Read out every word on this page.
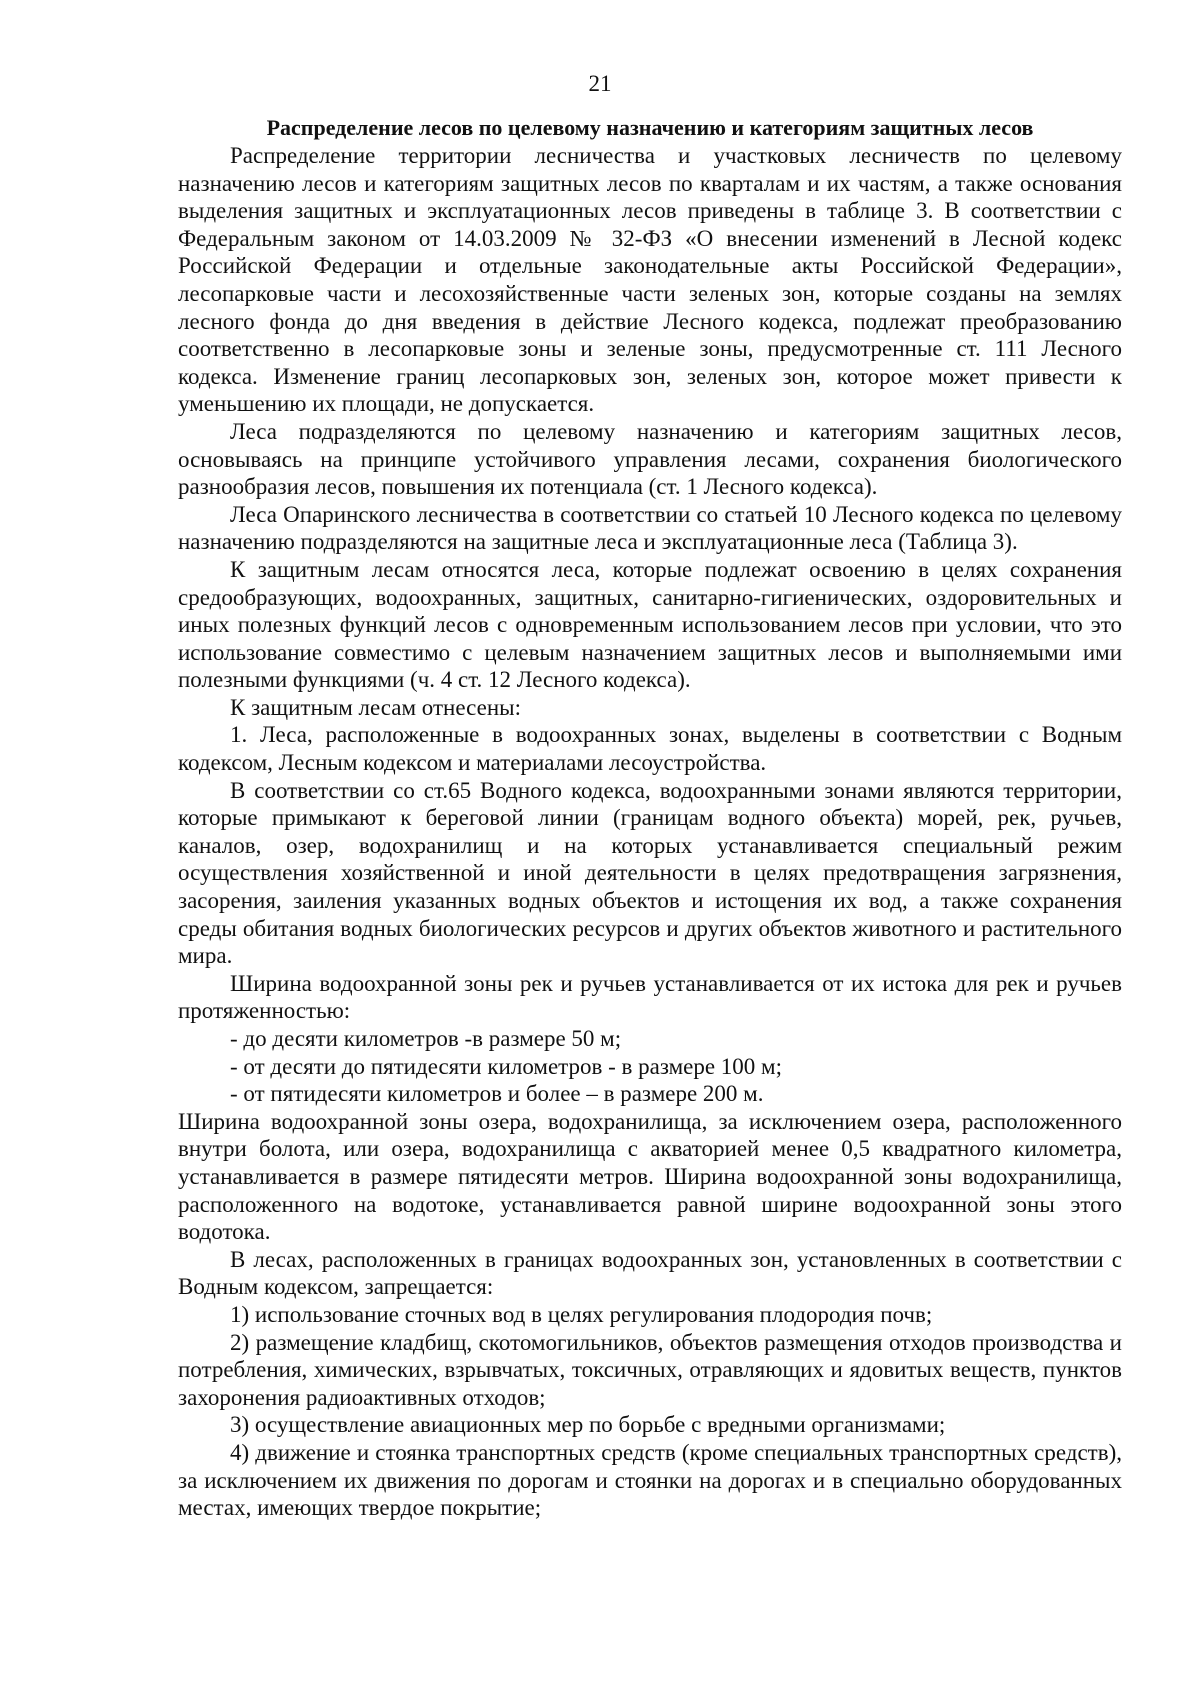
21

Распределение лесов по целевому назначению и категориям защитных лесов

Распределение территории лесничества и участковых лесничеств по целевому назначению лесов и категориям защитных лесов по кварталам и их частям, а также основания выделения защитных и эксплуатационных лесов приведены в таблице 3. В соответствии с Федеральным законом от 14.03.2009 № 32-ФЗ «О внесении изменений в Лесной кодекс Российской Федерации и отдельные законодательные акты Российской Федерации», лесопарковые части и лесохозяйственные части зеленых зон, которые созданы на землях лесного фонда до дня введения в действие Лесного кодекса, подлежат преобразованию соответственно в лесопарковые зоны и зеленые зоны, предусмотренные ст. 111 Лесного кодекса. Изменение границ лесопарковых зон, зеленых зон, которое может привести к уменьшению их площади, не допускается.

Леса подразделяются по целевому назначению и категориям защитных лесов, основываясь на принципе устойчивого управления лесами, сохранения биологического разнообразия лесов, повышения их потенциала (ст. 1 Лесного кодекса).

Леса Опаринского лесничества в соответствии со статьей 10 Лесного кодекса по целевому назначению подразделяются на защитные леса и эксплуатационные леса (Таблица 3).

К защитным лесам относятся леса, которые подлежат освоению в целях сохранения средообразующих, водоохранных, защитных, санитарно-гигиенических, оздоровительных и иных полезных функций лесов с одновременным использованием лесов при условии, что это использование совместимо с целевым назначением защитных лесов и выполняемыми ими полезными функциями (ч. 4 ст. 12 Лесного кодекса).

К защитным лесам отнесены:

1. Леса, расположенные в водоохранных зонах, выделены в соответствии с Водным кодексом, Лесным кодексом и материалами лесоустройства.

В соответствии со ст.65 Водного кодекса, водоохранными зонами являются территории, которые примыкают к береговой линии (границам водного объекта) морей, рек, ручьев, каналов, озер, водохранилищ и на которых устанавливается специальный режим осуществления хозяйственной и иной деятельности в целях предотвращения загрязнения, засорения, заиления указанных водных объектов и истощения их вод, а также сохранения среды обитания водных биологических ресурсов и других объектов животного и растительного мира.

Ширина водоохранной зоны рек и ручьев устанавливается от их истока для рек и ручьев протяженностью:

- до десяти километров -в размере 50 м;

- от десяти до пятидесяти километров - в размере 100 м;

- от пятидесяти километров и более – в размере 200 м.

Ширина водоохранной зоны озера, водохранилища, за исключением озера, расположенного внутри болота, или озера, водохранилища с акваторией менее 0,5 квадратного километра, устанавливается в размере пятидесяти метров. Ширина водоохранной зоны водохранилища, расположенного на водотоке, устанавливается равной ширине водоохранной зоны этого водотока.

В лесах, расположенных в границах водоохранных зон, установленных в соответствии с Водным кодексом, запрещается:

1) использование сточных вод в целях регулирования плодородия почв;

2) размещение кладбищ, скотомогильников, объектов размещения отходов производства и потребления, химических, взрывчатых, токсичных, отравляющих и ядовитых веществ, пунктов захоронения радиоактивных отходов;

3) осуществление авиационных мер по борьбе с вредными организмами;

4) движение и стоянка транспортных средств (кроме специальных транспортных средств), за исключением их движения по дорогам и стоянки на дорогах и в специально оборудованных местах, имеющих твердое покрытие;
